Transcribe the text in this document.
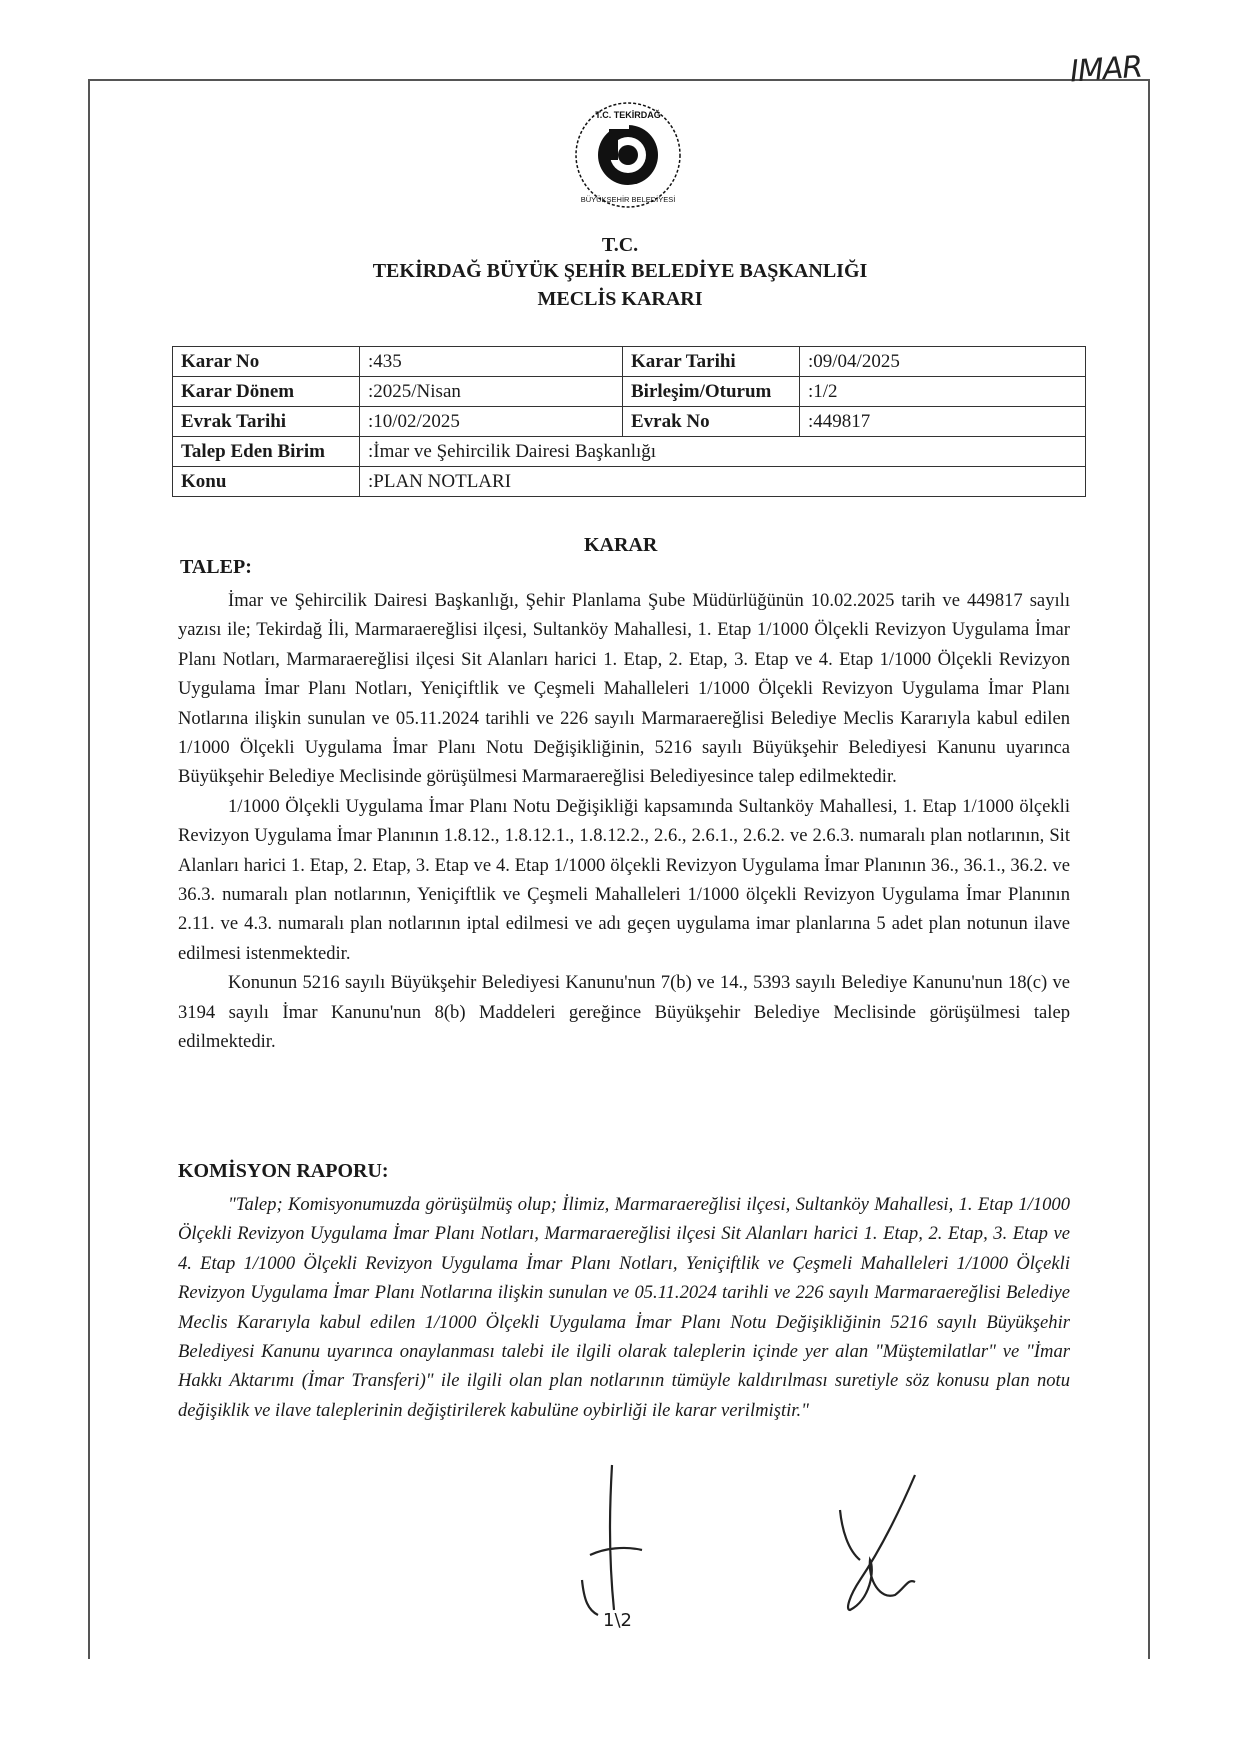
IMAR
T.C. TEKİRDAĞ
BÜYÜKŞEHİR BELEDİYESİ
T.C.
TEKİRDAĞ BÜYÜK ŞEHİR BELEDİYE BAŞKANLIĞI
MECLİS KARARI
Karar No	:435	Karar Tarihi	:09/04/2025
Karar Dönem	:2025/Nisan	Birleşim/Oturum	:1/2
Evrak Tarihi	:10/02/2025	Evrak No	:449817
Talep Eden Birim	:İmar ve Şehircilik Dairesi Başkanlığı		
Konu	:PLAN NOTLARI		
KARAR
TALEP:

İmar ve Şehircilik Dairesi Başkanlığı, Şehir Planlama Şube Müdürlüğünün 10.02.2025 tarih ve 449817 sayılı yazısı ile; Tekirdağ İli, Marmaraereğlisi ilçesi, Sultanköy Mahallesi, 1. Etap 1/1000 Ölçekli Revizyon Uygulama İmar Planı Notları, Marmaraereğlisi ilçesi Sit Alanları harici 1. Etap, 2. Etap, 3. Etap ve 4. Etap 1/1000 Ölçekli Revizyon Uygulama İmar Planı Notları, Yeniçiftlik ve Çeşmeli Mahalleleri 1/1000 Ölçekli Revizyon Uygulama İmar Planı Notlarına ilişkin sunulan ve 05.11.2024 tarihli ve 226 sayılı Marmaraereğlisi Belediye Meclis Kararıyla kabul edilen 1/1000 Ölçekli Uygulama İmar Planı Notu Değişikliğinin, 5216 sayılı Büyükşehir Belediyesi Kanunu uyarınca Büyükşehir Belediye Meclisinde görüşülmesi Marmaraereğlisi Belediyesince talep edilmektedir.

1/1000 Ölçekli Uygulama İmar Planı Notu Değişikliği kapsamında Sultanköy Mahallesi, 1. Etap 1/1000 ölçekli Revizyon Uygulama İmar Planının 1.8.12., 1.8.12.1., 1.8.12.2., 2.6., 2.6.1., 2.6.2. ve 2.6.3. numaralı plan notlarının, Sit Alanları harici 1. Etap, 2. Etap, 3. Etap ve 4. Etap 1/1000 ölçekli Revizyon Uygulama İmar Planının 36., 36.1., 36.2. ve 36.3. numaralı plan notlarının, Yeniçiftlik ve Çeşmeli Mahalleleri 1/1000 ölçekli Revizyon Uygulama İmar Planının 2.11. ve 4.3. numaralı plan notlarının iptal edilmesi ve adı geçen uygulama imar planlarına 5 adet plan notunun ilave edilmesi istenmektedir.

Konunun 5216 sayılı Büyükşehir Belediyesi Kanunu'nun 7(b) ve 14., 5393 sayılı Belediye Kanunu'nun 18(c) ve 3194 sayılı İmar Kanunu'nun 8(b) Maddeleri gereğince Büyükşehir Belediye Meclisinde görüşülmesi talep edilmektedir.

KOMİSYON RAPORU:

"Talep; Komisyonumuzda görüşülmüş olup; İlimiz, Marmaraereğlisi ilçesi, Sultanköy Mahallesi, 1. Etap 1/1000 Ölçekli Revizyon Uygulama İmar Planı Notları, Marmaraereğlisi ilçesi Sit Alanları harici 1. Etap, 2. Etap, 3. Etap ve 4. Etap 1/1000 Ölçekli Revizyon Uygulama İmar Planı Notları, Yeniçiftlik ve Çeşmeli Mahalleleri 1/1000 Ölçekli Revizyon Uygulama İmar Planı Notlarına ilişkin sunulan ve 05.11.2024 tarihli ve 226 sayılı Marmaraereğlisi Belediye Meclis Kararıyla kabul edilen 1/1000 Ölçekli Uygulama İmar Planı Notu Değişikliğinin 5216 sayılı Büyükşehir Belediyesi Kanunu uyarınca onaylanması talebi ile ilgili olarak taleplerin içinde yer alan "Müştemilatlar" ve "İmar Hakkı Aktarımı (İmar Transferi)" ile ilgili olan plan notlarının tümüyle kaldırılması suretiyle söz konusu plan notu değişiklik ve ilave taleplerinin değiştirilerek kabulüne oybirliği ile karar verilmiştir."

1\2
